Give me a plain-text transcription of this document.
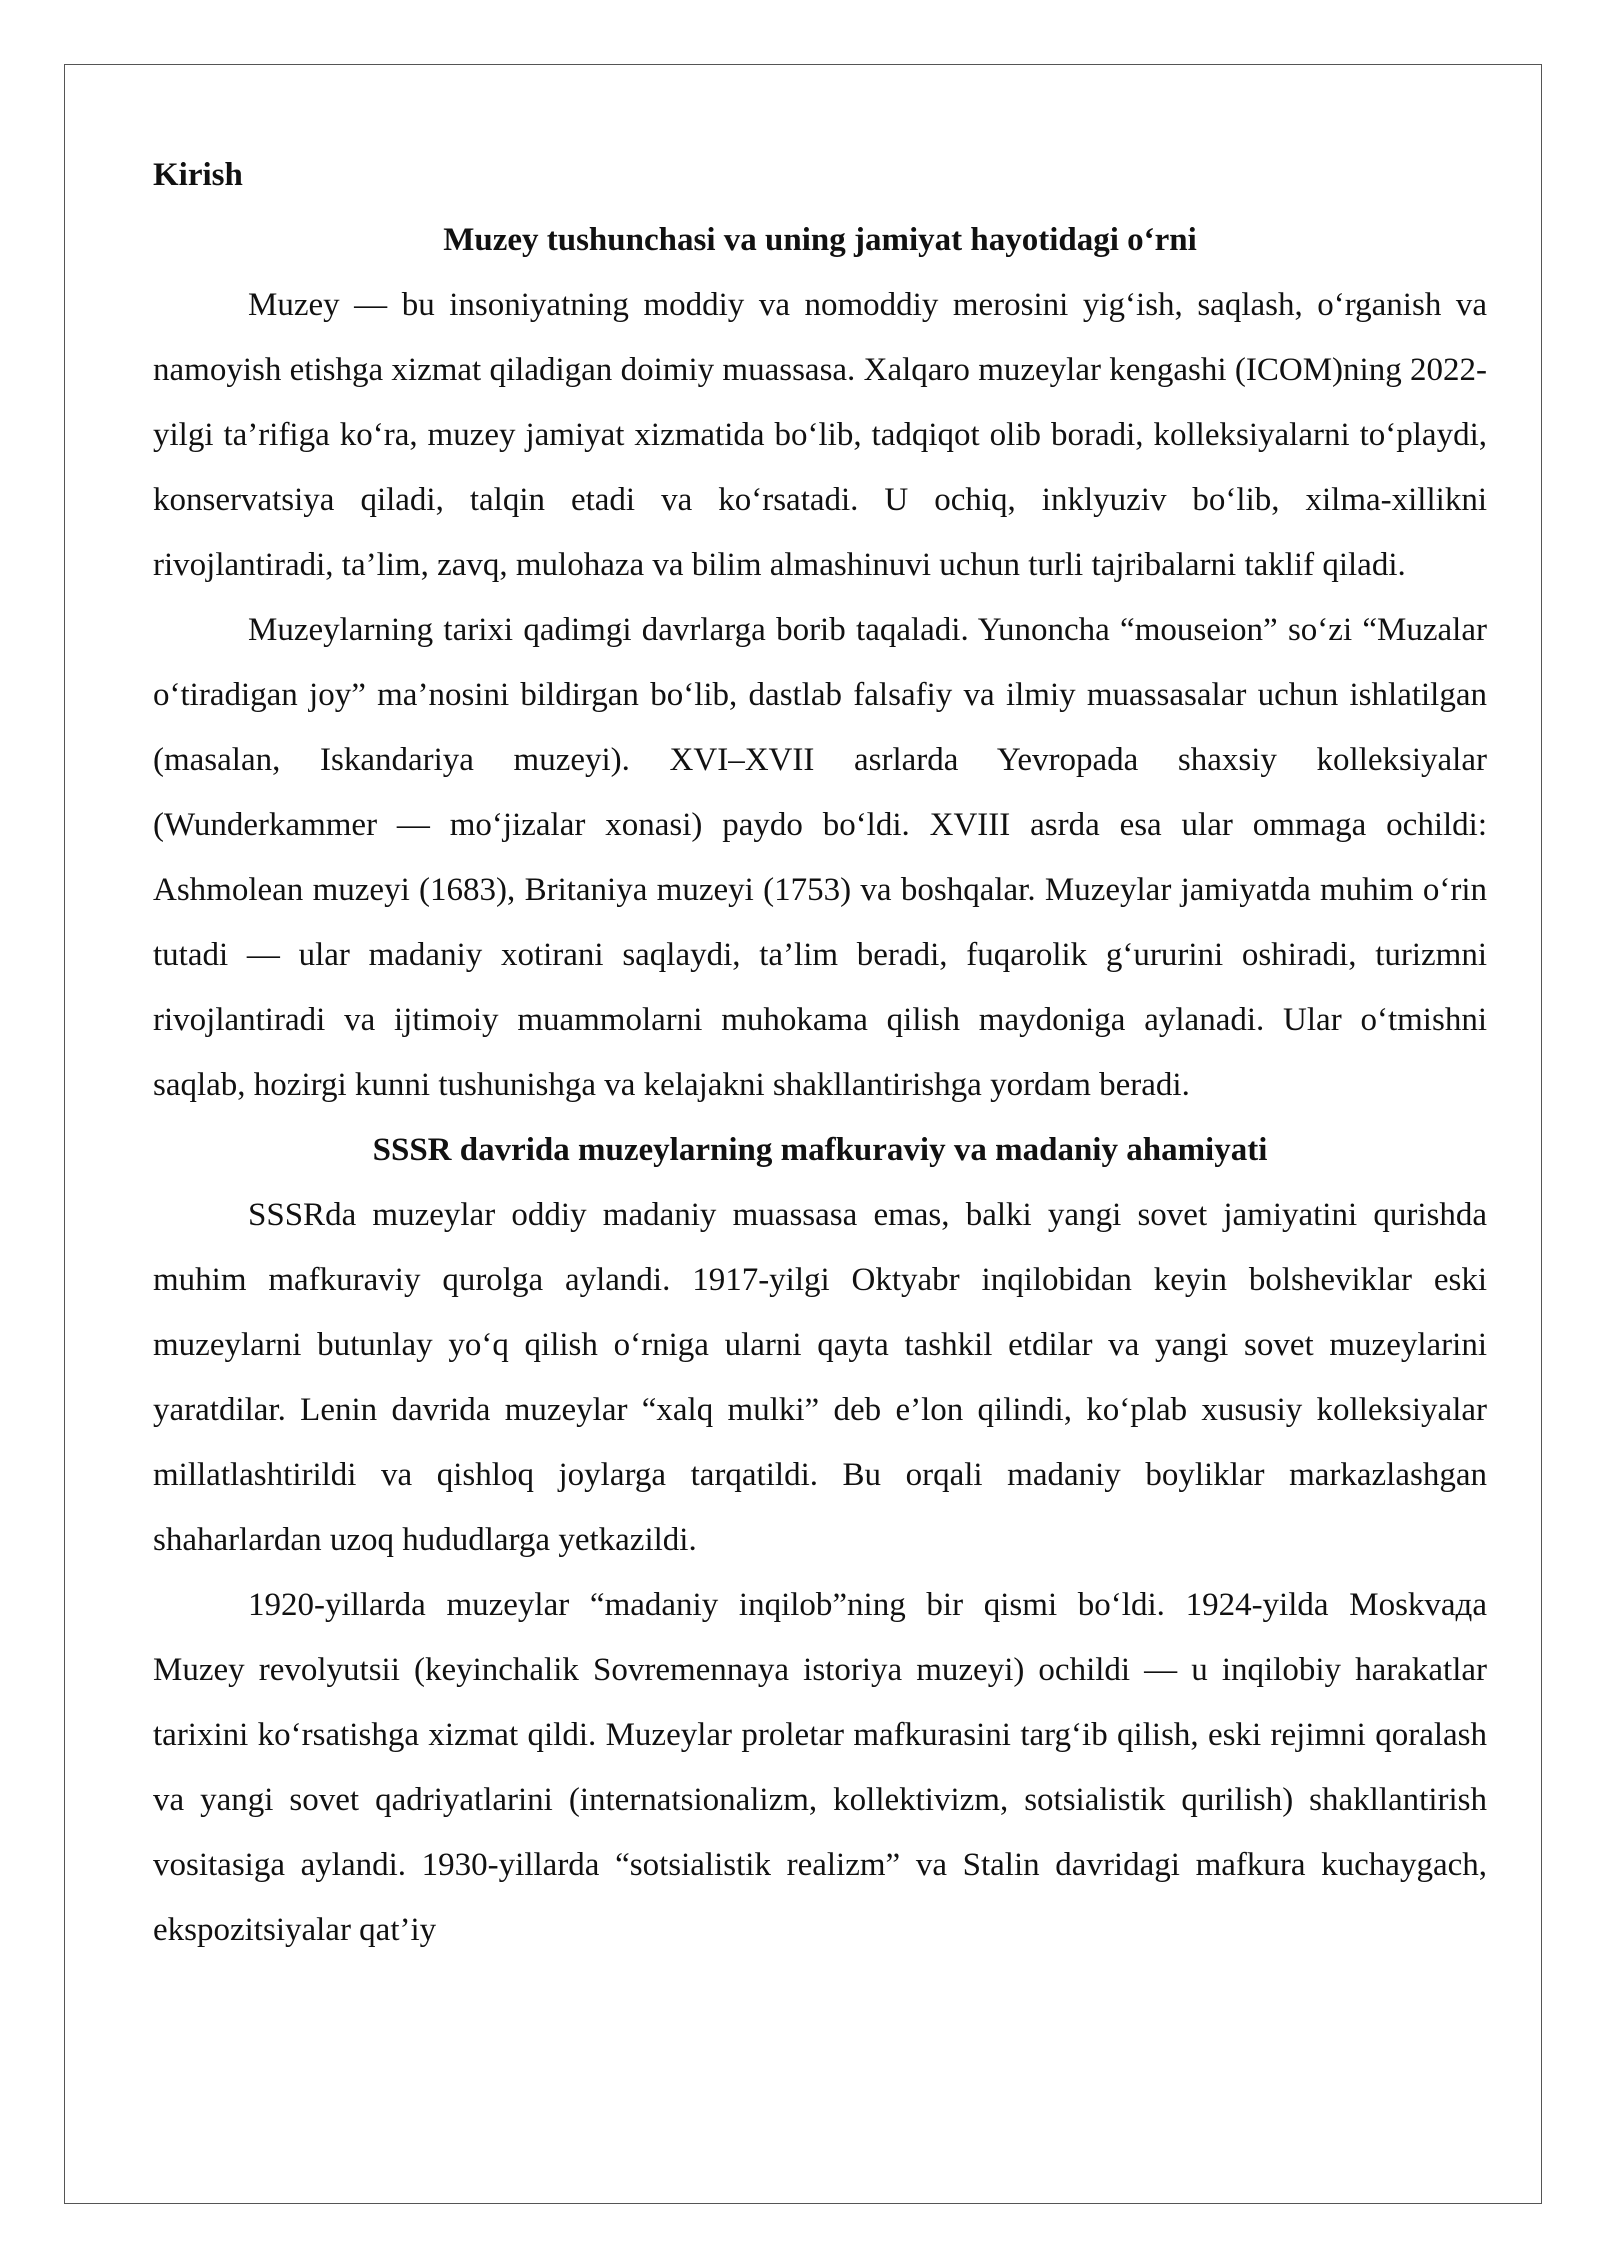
Kirish

Muzey tushunchasi va uning jamiyat hayotidagi o‘rni

Muzey — bu insoniyatning moddiy va nomoddiy merosini yig‘ish, saqlash, o‘rganish va namoyish etishga xizmat qiladigan doimiy muassasa. Xalqaro muzeylar kengashi (ICOM)ning 2022-yilgi ta’rifiga ko‘ra, muzey jamiyat xizmatida bo‘lib, tadqiqot olib boradi, kolleksiyalarni to‘playdi, konservatsiya qiladi, talqin etadi va ko‘rsatadi. U ochiq, inklyuziv bo‘lib, xilma-xillikni rivojlantiradi, ta’lim, zavq, mulohaza va bilim almashinuvi uchun turli tajribalarni taklif qiladi.

Muzeylarning tarixi qadimgi davrlarga borib taqaladi. Yunoncha “mouseion” so‘zi “Muzalar o‘tiradigan joy” ma’nosini bildirgan bo‘lib, dastlab falsafiy va ilmiy muassasalar uchun ishlatilgan (masalan, Iskandariya muzeyi). XVI–XVII asrlarda Yevropada shaxsiy kolleksiyalar (Wunderkammer — mo‘jizalar xonasi) paydo bo‘ldi. XVIII asrda esa ular ommaga ochildi: Ashmolean muzeyi (1683), Britaniya muzeyi (1753) va boshqalar. Muzeylar jamiyatda muhim o‘rin tutadi — ular madaniy xotirani saqlaydi, ta’lim beradi, fuqarolik g‘ururini oshiradi, turizmni rivojlantiradi va ijtimoiy muammolarni muhokama qilish maydoniga aylanadi. Ular o‘tmishni saqlab, hozirgi kunni tushunishga va kelajakni shakllantirishga yordam beradi.

SSSR davrida muzeylarning mafkuraviy va madaniy ahamiyati

SSSRda muzeylar oddiy madaniy muassasa emas, balki yangi sovet jamiyatini qurishda muhim mafkuraviy qurolga aylandi. 1917-yilgi Oktyabr inqilobidan keyin bolsheviklar eski muzeylarni butunlay yo‘q qilish o‘rniga ularni qayta tashkil etdilar va yangi sovet muzeylarini yaratdilar. Lenin davrida muzeylar “xalq mulki” deb e’lon qilindi, ko‘plab xususiy kolleksiyalar millatlashtirildi va qishloq joylarga tarqatildi. Bu orqali madaniy boyliklar markazlashgan shaharlardan uzoq hududlarga yetkazildi.

1920-yillarda muzeylar “madaniy inqilob”ning bir qismi bo‘ldi. 1924-yilda Moskvада Muzey revolyutsii (keyinchalik Sovremennaya istoriya muzeyi) ochildi — u inqilobiy harakatlar tarixini ko‘rsatishga xizmat qildi. Muzeylar proletar mafkurasini targ‘ib qilish, eski rejimni qoralash va yangi sovet qadriyatlarini (internatsionalizm, kollektivizm, sotsialistik qurilish) shakllantirish vositasiga aylandi. 1930-yillarda “sotsialistik realizm” va Stalin davridagi mafkura kuchaygach, ekspozitsiyalar qat’iy
